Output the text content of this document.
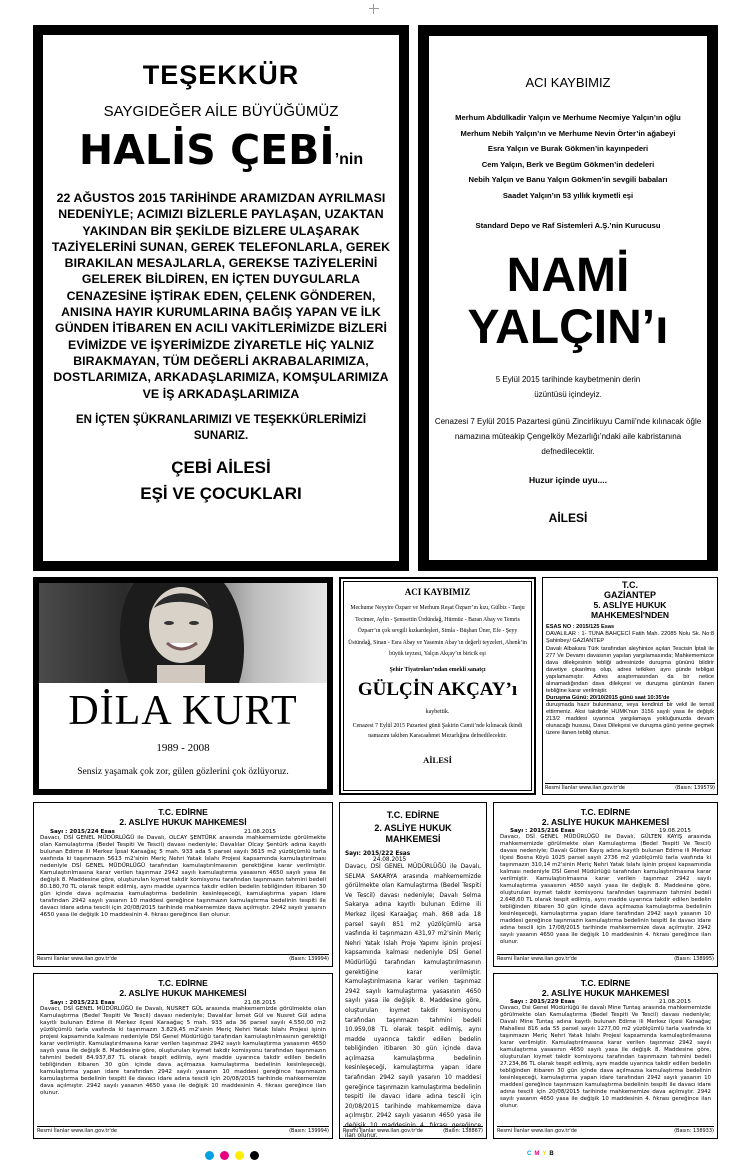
TEŞEKKÜR
SAYGIDEĞER AİLE BÜYÜĞÜMÜZ
HALİS ÇEBİ’nin
22 AĞUSTOS 2015 TARİHİNDE ARAMIZDAN AYRILMASI NEDENİYLE; ACIMIZI BİZLERLE PAYLAŞAN, UZAKTAN YAKINDAN BİR ŞEKİLDE BİZLERE ULAŞARAK TAZİYELERİNİ SUNAN, GEREK TELEFONLARLA, GEREK BIRAKILAN MESAJLARLA, GEREKSE TAZİYELERİNİ GELEREK BİLDİREN, EN İÇTEN DUYGULARLA CENAZESİNE İŞTİRAK EDEN, ÇELENK GÖNDEREN, ANISINA HAYIR KURUMLARINA BAĞIŞ YAPAN VE İLK GÜNDEN İTİBAREN EN ACILI VAKİTLERİMİZDE BİZLERİ EVİMİZDE VE İŞYERİMİZDE ZİYARETLE HİÇ YALNIZ BIRAKMAYAN, TÜM DEĞERLİ AKRABALARIMIZA, DOSTLARIMIZA, ARKADAŞLARIMIZA, KOMŞULARIMIZA VE İŞ ARKADAŞLARIMIZA
EN İÇTEN ŞÜKRANLARIMIZI VE TEŞEKKÜRLERİMİZİ SUNARIZ.
ÇEBİ AİLESİ
EŞİ VE ÇOCUKLARI
ACI KAYBIMIZ
Merhum Abdülkadir Yalçın ve Merhume Necmiye Yalçın’ın oğlu
Merhum Nebih Yalçın’ın ve Merhume Nevin Örter’in ağabeyi
Esra Yalçın ve Burak Gökmen’in kayınpederi
Cem Yalçın, Berk ve Begüm Gökmen’in dedeleri
Nebih Yalçın ve Banu Yalçın Gökmen’in sevgili babaları
Saadet Yalçın’ın 53 yıllık kıymetli eşi
Standard Depo ve Raf Sistemleri A.Ş.’nin Kurucusu
NAMİ
YALÇIN’ı
5 Eylül 2015 tarihinde kaybetmenin derin üzüntüsü içindeyiz.
Cenazesi 7 Eylül 2015 Pazartesi günü Zincirlikuyu Camii’nde kılınacak öğle namazına müteakip Çengelköy Mezarlığı’ndaki aile kabristanına defnedilecektir.
Huzur içinde uyu....
AİLESİ
DİLA KURT
1989 - 2008
Sensiz yaşamak çok zor, gülen gözlerini çok özlüyoruz.
ACI KAYBIMIZ
Mechume Neyyire Özparr ve Merhum Reşat Özparr’ın kızı, Gülbiz - Tanju Tecimer, Aylin - Şemsettin Ürdündağ, Hürmüz - Baran Abay ve Temris Özparr’ın çok sevgili kızkardeşleri, Simla - Büşhan Üner, Efe - Şeyy Üstündağ, Sinan - Esra Abay ve Yasemin Abay’ın değerli teyzeleri, Ahenk’in büyük teyzesi, Yalçın Akçay’ın biricik eşi
Şehir Tiyatroları’ndan emekli sanatçı
GÜLÇİN AKÇAY’ı
kaybettik.
Cenazesi 7 Eylül 2015 Pazartesi günü Şakirin Camii’nde kılınacak ikindi namazını takiben Karacaahmet Mezarlığına defnedilecektir.
AİLESİ
T.C.
GAZİANTEP
5. ASLİYE HUKUK MAHKEMESİ'NDEN
ESAS NO : 2015/125 Esas
DAVALILAR : 1- TUNA BAHÇECİ Fatih Mah. 22085 Nolu Sk. No:8 Şahinbey/ GAZİANTEP
Davalı Albakara Türk tarafından aleyhinize açılan Tescisin İptali ile 277 Ve Devamı davasının yapılan yargılamasında; Mahkememizce dava dilekçesinin tebliği adresinizde duruşma gününü bildirir davetiye çıkarılmış olup, adres tetkiken aynı günde tebligat yapılamamıştır. Adres araştırmasından da bir netice alınamadığından dava dilekçesi ve duruşma gününün ilanen tebliğine karar verilmiştir.
Duruşma Günü: 20/10/2015 günü saat 10:35'de
duruşmada hazır bulunmanız, veya kendinizi bir vekil ile temsil ettirmeniz. Aksi takdirde HUMK'nun 3156 sayılı yasa ile değişik 213/2 maddesi uyarınca yargılamaya yokluğunuzda devam olunacağı hususu, Dava Dilekçesi ve duruşma günü yerine geçmek üzere ilanen tebliğ olunur.
Resmi İlanlar www.ilan.gov.tr'de	(Basın: 139579)
T.C. EDİRNE
2. ASLİYE HUKUK MAHKEMESİ
Sayı : 2015/224 Esas	21.08.2015
Davacı, DSİ GENEL MÜDÜRLÜĞÜ ile Davalı, OLCAY ŞENTÜRK arasında mahkememizde görülmekte olan Kamulaştırma (Bedel Tespiti Ve Tescil) davası nedeniyle; Davalılar Olcay Şentürk adına kayıtlı bulunan Edirne ili Merkez İpsal Karaağaç 5 mah. 933 ada 5 parsel sayılı 3615 m2 yüzölçümlü tarla vasfında ki taşınmazın 5613 m2'sinin Meriç Nehri Yatak Islahı Projesi kapsamında kamulaştırılması nedeniyle DSİ GENEL MÜDÜRLÜĞÜ tarafından kamulaştırılmasının gerektiğine karar verilmiştir. Kamulaştırılmasına karar verilen taşınmaz 2942 sayılı kamulaştırma yasasının 4650 sayılı yasa ile değişik 8. Maddesine göre, oluşturulan kıymet takdir komisyonu tarafından taşınmazın tahmini bedeli 80.180,70 TL olarak tespit edilmiş, aynı madde uyarınca takdir edilen bedelin tebliğinden itibaren 30 gün içinde dava açılmazsa kamulaştırma bedelinin kesinleşeceği, kamulaştırma yapan idare tarafından 2942 sayılı yasanın 10 maddesi gereğince taşınmazın kamulaştırma bedelinin tespiti ile davacı idare adına tescili için 20/08/2015 tarihinde mahkememize dava açılmıştır. 2942 sayılı yasanın 4650 yasa ile değişik 10 maddesinin 4. fıkrası gereğince ilan olunur.
Resmi İlanlar www.ilan.gov.tr'de	(Basın: 139994)
T.C. EDİRNE
2. ASLİYE HUKUK MAHKEMESİ
Sayı: 2015/222 Esas
24.08.2015
Davacı, DSİ GENEL MÜDÜRLÜĞÜ ile Davalı, SELMA SAKARYA arasında mahkememizde görülmekte olan Kamulaştırma (Bedel Tespiti Ve Tescil) davası nedeniyle; Davalı Selma Sakarya adına kayıtlı bulunan Edirne ili Merkez ilçesi Karaağaç mah. 868 ada 18 parsel sayılı 851 m2 yüzölçümlü arsa vasfında ki taşınmazın 431,97 m2'sinin Meriç Nehri Yatak Islah Proje Yapımı işinin projesi kapsamında kalması nedeniyle DSİ Genel Müdürlüğü tarafından kamulaştırılmasının gerektiğine karar verilmiştir. Kamulaştırılmasına karar verilen taşınmaz 2942 sayılı kamulaştırma yasasının 4650 sayılı yasa ile değişik 8. Maddesine göre, oluşturulan kıymet takdir komisyonu tarafından taşınmazın tahmini bedeli 10.959,08 TL olarak tespit edilmiş, aynı madde uyarınca takdir edilen bedelin tebliğinden itibaren 30 gün içinde dava açılmazsa kamulaştırma bedelinin kesinleşeceği, kamulaştırma yapan idare tarafından 2942 sayılı yasanın 10 maddesi gereğince taşınmazın kamulaştırma bedelinin tespiti ile davacı idare adına tescili için 20/08/2015 tarihinde mahkememize dava açılmıştır. 2942 sayılı yasanın 4650 yasa ile değişik 10 maddesinin 4. fıkrası gereğince ilan olunur.
Resmi İlanlar www.ilan.gov.tr'de	(Basın: 138867)
T.C. EDİRNE
2. ASLİYE HUKUK MAHKEMESİ
Sayı : 2015/216 Esas	19.08.2015
Davacı, DSİ GENEL MÜDÜRLÜĞÜ ile Davalı, GÜLTEN KAYIŞ arasında mahkememizde görülmekte olan Kamulaştırma (Bedel Tespiti Ve Tescil) davası nedeniyle; Davalı Gülten Kayış adına kayıtlı bulunan Edirne ili Merkez ilçesi Bosna Köyü 1025 parsel sayılı 2736 m2 yüzölçümlü tarla vasfında ki taşınmazın 310,14 m2'sinin Meriç Nehri Yatak Islahı işinin projesi kapsamında kalması nedeniyle DSİ Genel Müdürlüğü tarafından kamulaştırılmasına karar verilmiştir. Kamulaştırılmasına karar verilen taşınmaz 2942 sayılı kamulaştırma yasasının 4650 sayılı yasa ile değişik 8. Maddesine göre, oluşturulan kıymet takdir komisyonu tarafından taşınmazın tahmini bedeli 2.648,60 TL olarak tespit edilmiş, aynı madde uyarınca takdir edilen bedelin tebliğinden itibaren 30 gün içinde dava açılmazsa kamulaştırma bedelinin kesinleşeceği, kamulaştırma yapan idare tarafından 2942 sayılı yasanın 10 maddesi gereğince taşınmazın kamulaştırma bedelinin tespiti ile davacı idare adına tescili için 17/08/2015 tarihinde mahkememize dava açılmıştır. 2942 sayılı yasanın 4650 yasa ile değişik 10 maddesinin 4. fıkrası gereğince ilan olunur.
Resmi İlanlar www.ilan.gov.tr'de	(Basın: 138995)
T.C. EDİRNE
2. ASLİYE HUKUK MAHKEMESİ
Sayı : 2015/221 Esas	21.08.2015
Davacı, DSİ GENEL MÜDÜRLÜĞÜ ile Davalı, NUSRET GÜL arasında mahkememizde görülmekte olan Kamulaştırma (Bedel Tespiti Ve Tescil) davası nedeniyle; Davalılar İsmet Gül ve Nusret Gül adına kayıtlı bulunan Edirne ili Merkez ilçesi Karaağaç 5 mah. 933 ada 36 parsel sayılı 4.550,00 m2 yüzölçümlü tarla vasfında ki taşınmazın 3.829,45 m2'sinin Meriç Nehri Yatak Islahı Projesi işinin projesi kapsamında kalması nedeniyle DSİ Genel Müdürlüğü tarafından kamulaştırılmasının gerektiği karar verilmiştir. Kamulaştırılmasına karar verilen taşınmaz 2942 sayılı kamulaştırma yasasının 4650 sayılı yasa ile değişik 8. Maddesine göre, oluşturulan kıymet takdir komisyonu tarafından taşınmazın tahmini bedeli 84.937,87 TL olarak tespit edilmiş, aynı madde uyarınca takdir edilen bedelin tebliğinden itibaren 30 gün içinde dava açılmazsa kamulaştırma bedelinin kesinleşeceği, kamulaştırma yapan idare tarafından 2942 sayılı yasanın 10 maddesi gereğince taşınmazın kamulaştırma bedelinin tespiti ile davacı idare adına tescili için 20/08/2015 tarihinde mahkememize dava açılmıştır. 2942 sayılı yasanın 4650 yasa ile değişik 10 maddesinin 4. fıkrası gereğince ilan olunur.
Resmi İlanlar www.ilan.gov.tr'de	(Basın: 139994)
T.C. EDİRNE
2. ASLİYE HUKUK MAHKEMESİ
Sayı : 2015/229 Esas	21.08.2015
Davacı, Dsi Genel Müdürlüğü ile davalı Mine Tuntaş arasında mahkememizde görülmekte olan Kamulaştırma (Bedel Tespiti Ve Tescil) davası nedeniyle; Davalı Mine Tuntaş adına kayıtlı bulunan Edirne ili Merkez ilçesi Karaağaç Mahallesi 816 ada 55 parsel sayılı 1277,00 m2 yüzölçümlü tarla vasfında ki taşınmazın Meriç Nehri Yatak Islahı Projesi kapsamında kamulaştırılmasına karar verilmiştir. Kamulaştırılmasına karar verilen taşınmaz 2942 sayılı kamulaştırma yasasının 4650 sayılı yasa ile değişik 8. Maddesine göre, oluşturulan kıymet takdir komisyonu tarafından taşınmazın tahmini bedeli 27.234,86 TL olarak tespit edilmiş, aynı madde uyarınca takdir edilen bedelin tebliğinden itibaren 30 gün içinde dava açılmazsa kamulaştırma bedelinin kesinleşeceği, kamulaştırma yapan idare tarafından 2942 sayılı yasanın 10 maddesi gereğince taşınmazın kamulaştırma bedelinin tespiti ile davacı idare adına tescili için 20/08/2015 tarihinde mahkememize dava açılmıştır. 2942 sayılı yasanın 4650 yasa ile değişik 10 maddesinin 4. fıkrası gereğince ilan olunur.
Resmi İlanlar www.ilan.gov.tr'de	(Basın: 138933)
CMYB
